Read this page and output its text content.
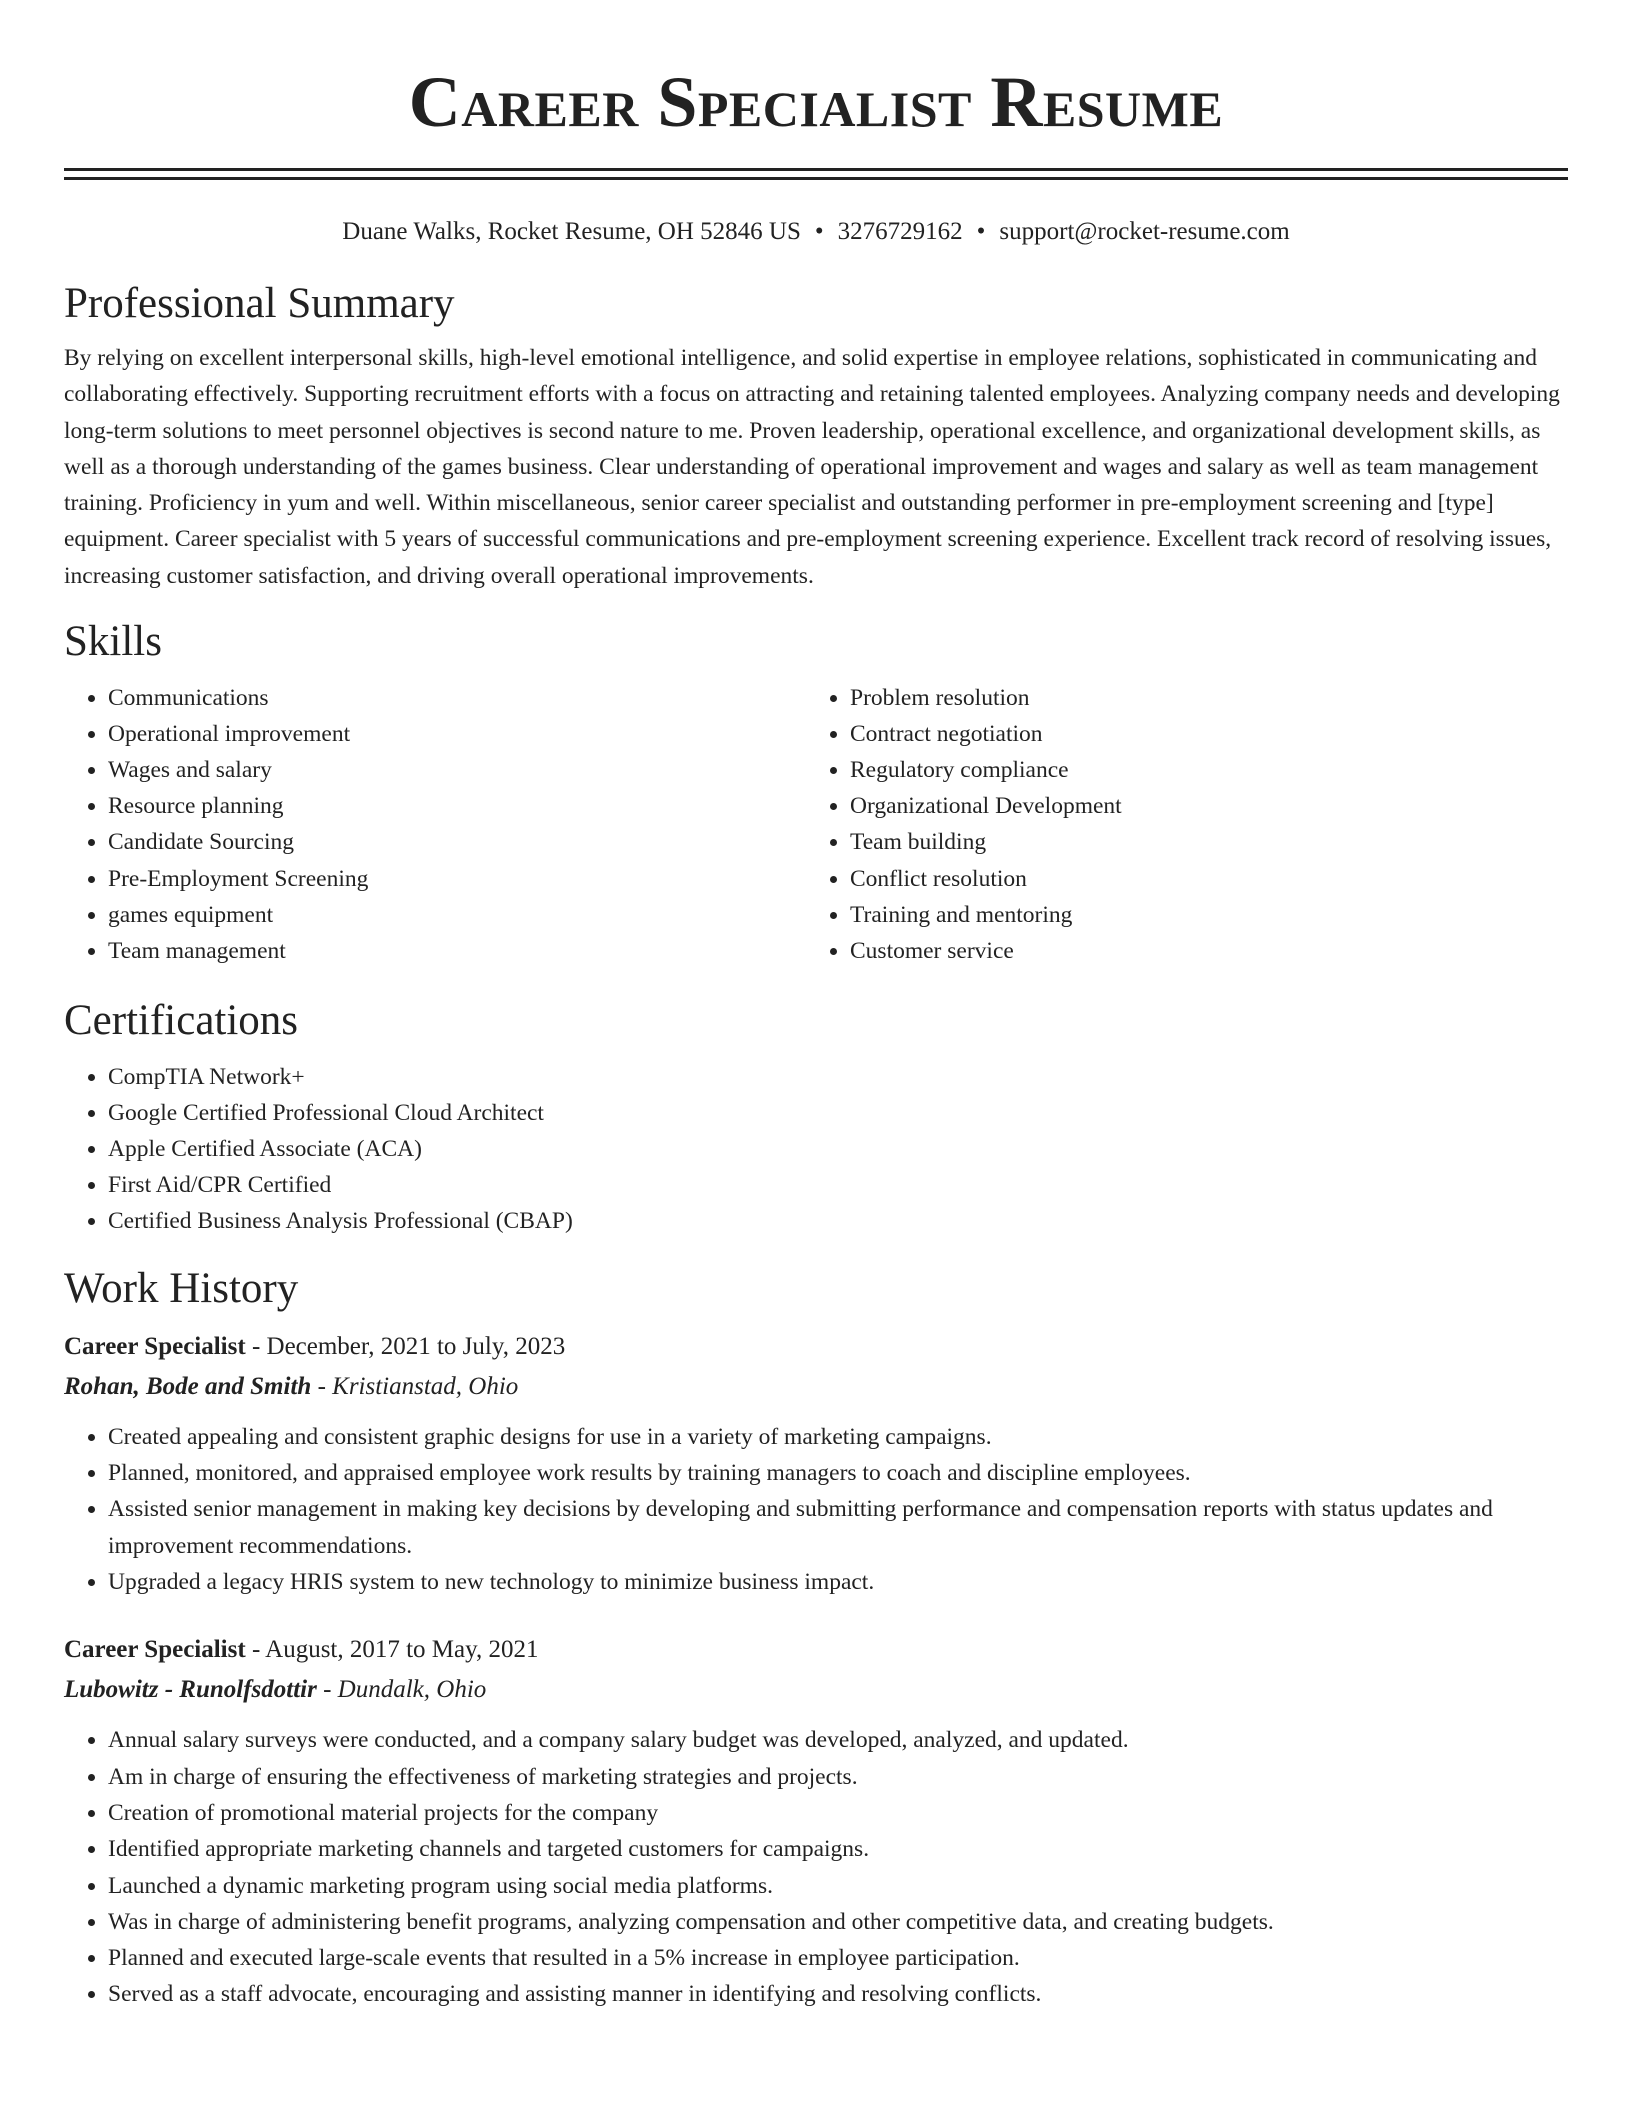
Career Specialist Resume
Duane Walks, Rocket Resume, OH 52846 US • 3276729162 • support@rocket-resume.com
Professional Summary
By relying on excellent interpersonal skills, high-level emotional intelligence, and solid expertise in employee relations, sophisticated in communicating and collaborating effectively. Supporting recruitment efforts with a focus on attracting and retaining talented employees. Analyzing company needs and developing long-term solutions to meet personnel objectives is second nature to me. Proven leadership, operational excellence, and organizational development skills, as well as a thorough understanding of the games business. Clear understanding of operational improvement and wages and salary as well as team management training. Proficiency in yum and well. Within miscellaneous, senior career specialist and outstanding performer in pre-employment screening and [type] equipment. Career specialist with 5 years of successful communications and pre-employment screening experience. Excellent track record of resolving issues, increasing customer satisfaction, and driving overall operational improvements.
Skills
• Communications
• Operational improvement
• Wages and salary
• Resource planning
• Candidate Sourcing
• Pre-Employment Screening
• games equipment
• Team management
• Problem resolution
• Contract negotiation
• Regulatory compliance
• Organizational Development
• Team building
• Conflict resolution
• Training and mentoring
• Customer service
Certifications
• CompTIA Network+
• Google Certified Professional Cloud Architect
• Apple Certified Associate (ACA)
• First Aid/CPR Certified
• Certified Business Analysis Professional (CBAP)
Work History
Career Specialist - December, 2021 to July, 2023
Rohan, Bode and Smith - Kristianstad, Ohio
• Created appealing and consistent graphic designs for use in a variety of marketing campaigns.
• Planned, monitored, and appraised employee work results by training managers to coach and discipline employees.
• Assisted senior management in making key decisions by developing and submitting performance and compensation reports with status updates and improvement recommendations.
• Upgraded a legacy HRIS system to new technology to minimize business impact.
Career Specialist - August, 2017 to May, 2021
Lubowitz - Runolfsdottir - Dundalk, Ohio
• Annual salary surveys were conducted, and a company salary budget was developed, analyzed, and updated.
• Am in charge of ensuring the effectiveness of marketing strategies and projects.
• Creation of promotional material projects for the company
• Identified appropriate marketing channels and targeted customers for campaigns.
• Launched a dynamic marketing program using social media platforms.
• Was in charge of administering benefit programs, analyzing compensation and other competitive data, and creating budgets.
• Planned and executed large-scale events that resulted in a 5% increase in employee participation.
• Served as a staff advocate, encouraging and assisting manner in identifying and resolving conflicts.
